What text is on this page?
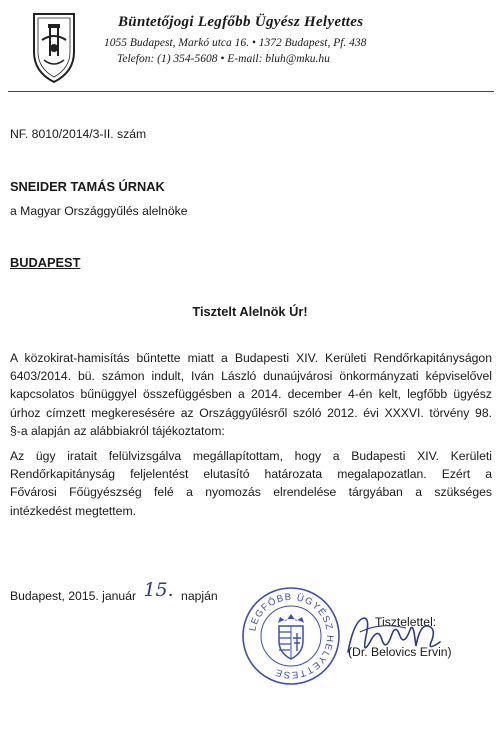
Büntetőjogi Legfőbb Ügyész Helyettes
1055 Budapest, Markó utca 16. • 1372 Budapest, Pf. 438
Telefon: (1) 354-5608 • E-mail: bluh@mku.hu
NF. 8010/2014/3-II. szám
SNEIDER TAMÁS ÚRNAK
a Magyar Országgyűlés alelnöke
BUDAPEST
Tisztelt Alelnök Úr!
A közokirat-hamisítás bűntette miatt a Budapesti XIV. Kerületi Rendőrkapitányságon
6403/2014. bü. számon indult, Iván László dunaújvárosi önkormányzati képviselővel
kapcsolatos bűnüggyel összefüggésben a 2014. december 4-én kelt, legfőbb ügyész
úrhoz címzett megkeresésére az Országgyűlésről szóló 2012. évi XXXVI. törvény 98.
§-a alapján az alábbiakról tájékoztatom:
Az ügy iratait felülvizsgálva megállapítottam, hogy a Budapesti XIV. Kerületi
Rendőrkapitányság feljelentést elutasító határozata megalapozatlan. Ezért a
Fővárosi Főügyészség felé a nyomozás elrendelése tárgyában a szükséges
intézkedést megtettem.
Budapest, 2015. január 15. napján
Tisztelettel:
LEGFŐBB ÜGYÉSZ HELYETTESE
(Dr. Belovics Ervin)
